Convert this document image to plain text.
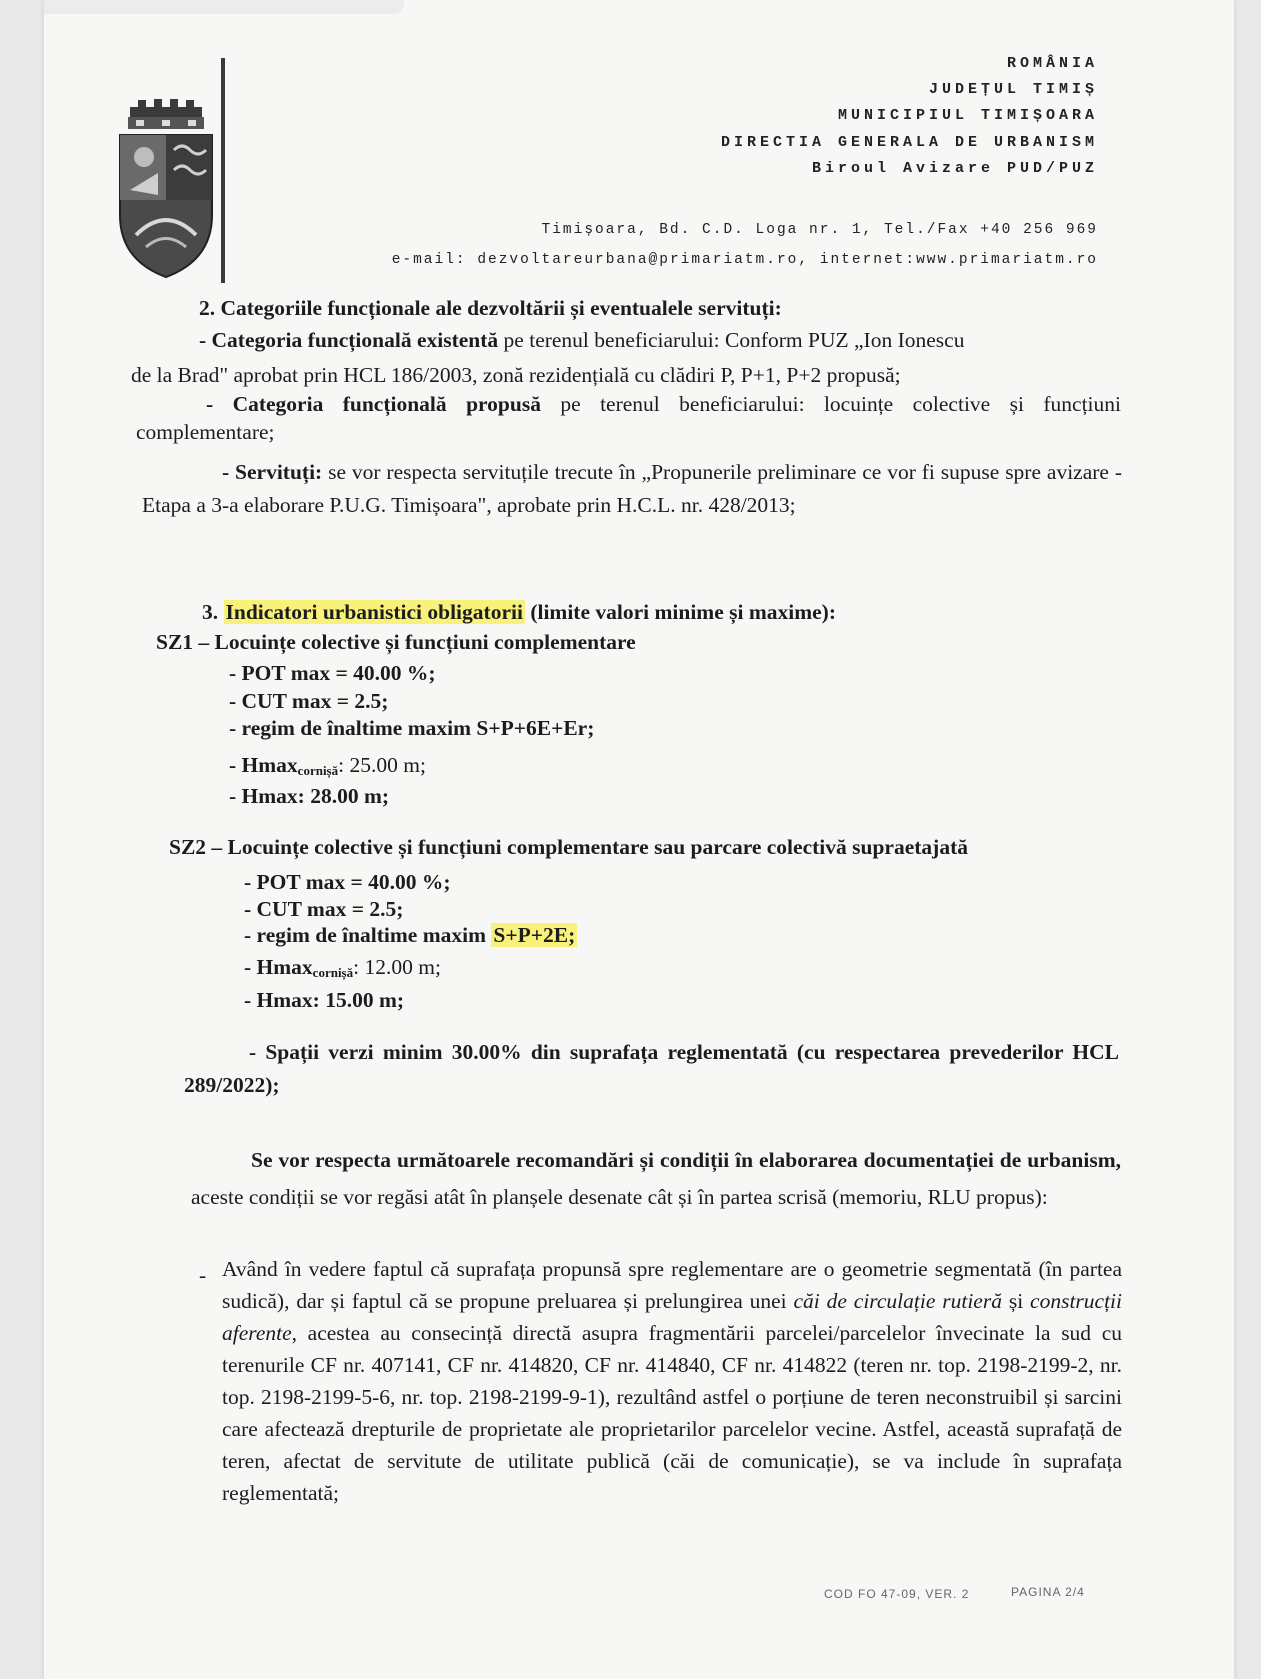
ROMÂNIA
JUDEȚUL TIMIȘ
MUNICIPIUL TIMIȘOARA
DIRECTIA GENERALA DE URBANISM
Biroul Avizare PUD/PUZ
Timișoara, Bd. C.D. Loga nr. 1, Tel./Fax +40 256 969
e-mail: dezvoltareurbana@primariatm.ro, internet:www.primariatm.ro
2. Categoriile funcționale ale dezvoltării și eventualele servituți:
- Categoria funcțională existentă pe terenul beneficiarului: Conform PUZ „Ion Ionescu
de la Brad" aprobat prin HCL 186/2003, zonă rezidențială cu clădiri P, P+1, P+2 propusă;
- Categoria funcțională propusă pe terenul beneficiarului: locuințe colective și funcțiuni complementare;
- Servituți: se vor respecta servituțile trecute în „Propunerile preliminare ce vor fi supuse spre avizare - Etapa a 3-a elaborare P.U.G. Timișoara", aprobate prin H.C.L. nr. 428/2013;
3. Indicatori urbanistici obligatorii (limite valori minime și maxime):
SZ1 – Locuințe colective și funcțiuni complementare
- POT max = 40.00 %;
- CUT max = 2.5;
- regim de înaltime maxim S+P+6E+Er;
- Hmax$_{cornișă}$: 25.00 m;
- Hmax: 28.00 m;
SZ2 – Locuințe colective și funcțiuni complementare sau parcare colectivă supraetajată
- POT max = 40.00 %;
- CUT max = 2.5;
- regim de înaltime maxim S+P+2E;
- Hmax$_{cornișă}$: 12.00 m;
- Hmax: 15.00 m;
- Spații verzi minim 30.00% din suprafața reglementată (cu respectarea prevederilor HCL 289/2022);
Se vor respecta următoarele recomandări și condiții în elaborarea documentației de urbanism, aceste condiții se vor regăsi atât în planșele desenate cât și în partea scrisă (memoriu, RLU propus):
- Având în vedere faptul că suprafața propunsă spre reglementare are o geometrie segmentată (în partea sudică), dar și faptul că se propune preluarea și prelungirea unei căi de circulație rutieră și construcții aferente, acestea au consecință directă asupra fragmentării parcelei/parcelelor învecinate la sud cu terenurile CF nr. 407141, CF nr. 414820, CF nr. 414840, CF nr. 414822 (teren nr. top. 2198-2199-2, nr. top. 2198-2199-5-6, nr. top. 2198-2199-9-1), rezultând astfel o porțiune de teren neconstruibil și sarcini care afectează drepturile de proprietate ale proprietarilor parcelelor vecine. Astfel, această suprafață de teren, afectat de servitute de utilitate publică (căi de comunicație), se va include în suprafața reglementată;
COD FO 47-09, VER. 2	PAGINA 2/4
